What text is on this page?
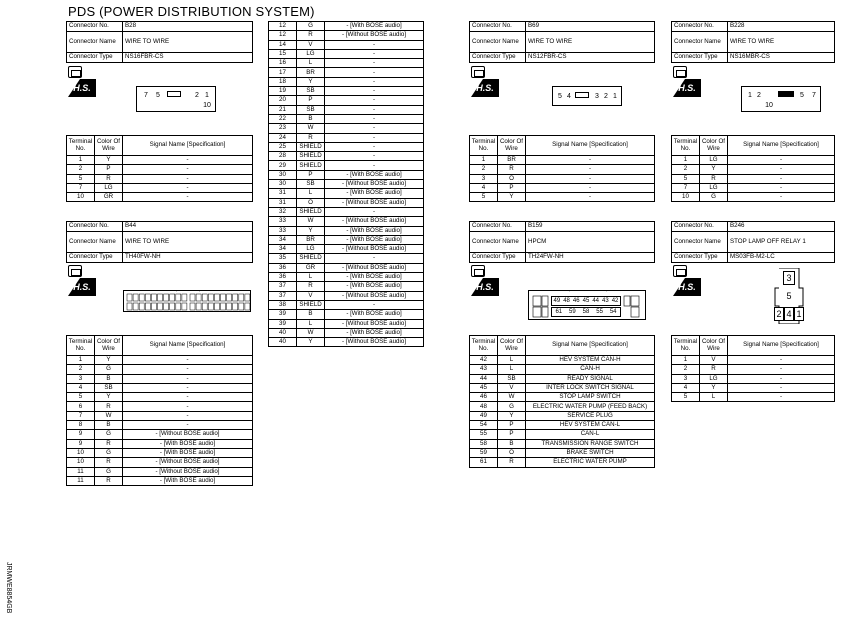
PDS (POWER DISTRIBUTION SYSTEM)
JRMWE8854GB
Connector No.	B28
Connector Name	WIRE TO WIRE
Connector Type	NS16FBR-CS
H.S.
7	5	2 1
10
Terminal No.	Color Of Wire	Signal Name [Specification]
1	Y	-
2	P	-
5	R	-
7	LG	-
10	GR	-
12	G	- [With BOSE audio]
12	R	- [Without BOSE audio]
14	V	-
15	LG	-
16	L	-
17	BR	-
18	Y	-
19	SB	-
20	P	-
21	SB	-
22	B	-
23	W	-
24	R	-
25	SHIELD	-
28	SHIELD	-
29	SHIELD	-
30	P	- [With BOSE audio]
30	SB	- [Without BOSE audio]
31	L	- [With BOSE audio]
31	O	- [Without BOSE audio]
32	SHIELD	-
33	W	- [Without BOSE audio]
33	Y	- [With BOSE audio]
34	BR	- [With BOSE audio]
34	LG	- [Without BOSE audio]
35	SHIELD	-
36	GR	- [Without BOSE audio]
36	L	- [With BOSE audio]
37	R	- [With BOSE audio]
37	V	- [Without BOSE audio]
38	SHIELD	-
39	B	- [With BOSE audio]
39	L	- [Without BOSE audio]
40	W	- [With BOSE audio]
40	Y	- [Without BOSE audio]
Connector No.	B44
Connector Name	WIRE TO WIRE
Connector Type	TH40FW-NH
H.S.
Terminal No.	Color Of Wire	Signal Name [Specification]
1	Y	-
2	G	-
3	B	-
4	SB	-
5	Y	-
6	R	-
7	W	-
8	B	-
9	G	- [Without BOSE audio]
9	R	- [With BOSE audio]
10	G	- [With BOSE audio]
10	R	- [Without BOSE audio]
11	G	- [Without BOSE audio]
11	R	- [With BOSE audio]
Connector No.	B69
Connector Name	WIRE TO WIRE
Connector Type	NS12FBR-CS
H.S.
5 4	3 2 1
Terminal No.	Color Of Wire	Signal Name [Specification]
1	BR	-
2	R	-
3	O	-
4	P	-
5	Y	-
Connector No.	B159
Connector Name	HPCM
Connector Type	TH24FW-NH
H.S.
49 48 46 45 44 43 42
61 59 58 55 54
Terminal No.	Color Of Wire	Signal Name [Specification]
42	L	HEV SYSTEM CAN-H
43	L	CAN-H
44	SB	READY SIGNAL
45	V	INTER LOCK SWITCH SIGNAL
46	W	STOP LAMP SWITCH
48	G	ELECTRIC WATER PUMP (FEED BACK)
49	Y	SERVICE PLUG
54	P	HEV SYSTEM CAN-L
55	P	CAN-L
58	B	TRANSMISSION RANGE SWITCH
59	O	BRAKE SWITCH
61	R	ELECTRIC WATER PUMP
Connector No.	B228
Connector Name	WIRE TO WIRE
Connector Type	NS16MBR-CS
H.S.
1 2	5 7
10
Terminal No.	Color Of Wire	Signal Name [Specification]
1	LG	-
2	Y	-
5	R	-
7	LG	-
10	G	-
Connector No.	B246
Connector Name	STOP LAMP OFF RELAY 1
Connector Type	MS03FB-M2-LC
H.S.
3
5
2 4 1
Terminal No.	Color Of Wire	Signal Name [Specification]
1	V	-
2	R	-
3	LG	-
4	Y	-
5	L	-
